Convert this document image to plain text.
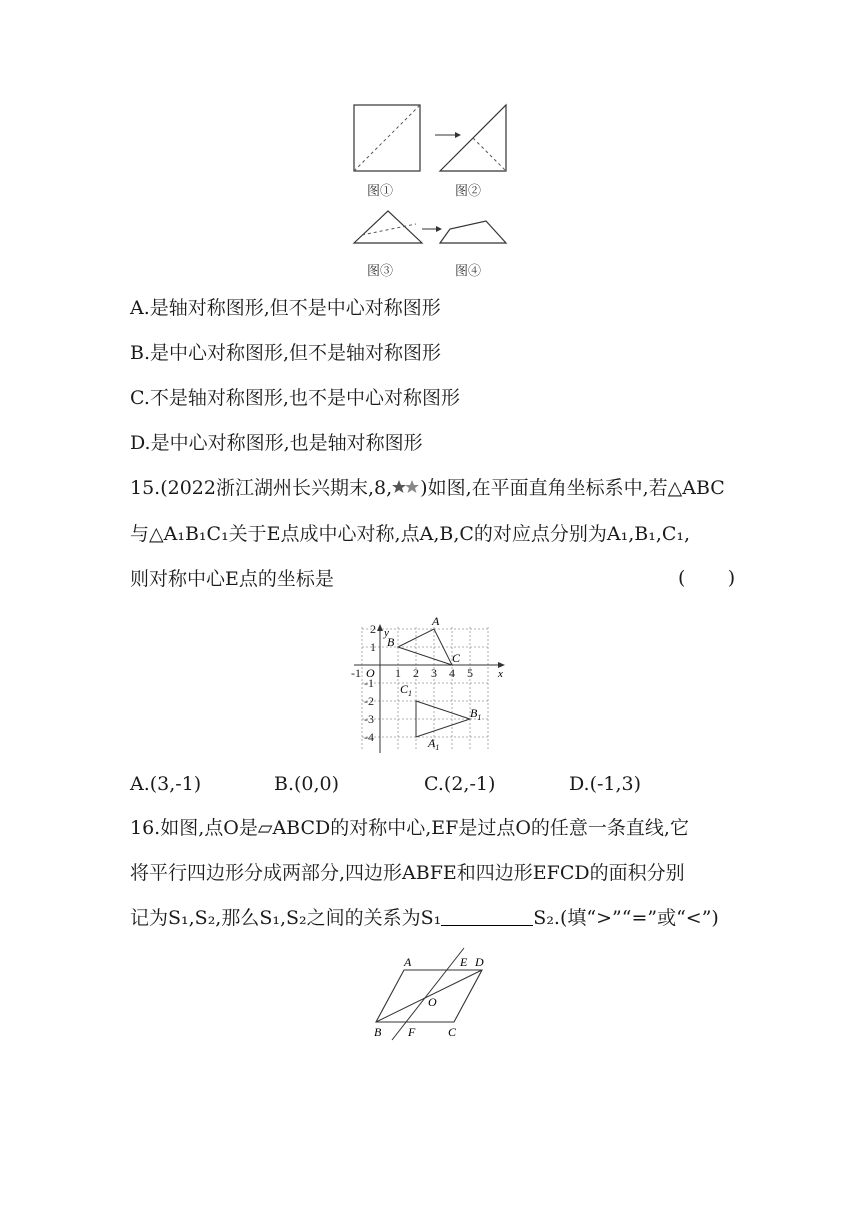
图①	图②
图③	图④
A.是轴对称图形,但不是中心对称图形
B.是中心对称图形,但不是轴对称图形
C.不是轴对称图形,也不是中心对称图形
D.是中心对称图形,也是轴对称图形
15.(2022浙江湖州长兴期末,8, )如图,在平面直角坐标系中,若△ABC
与△A₁B₁C₁关于E点成中心对称,点A,B,C的对应点分别为A₁,B₁,C₁,
则对称中心E点的坐标是	(       )
y
x
O
-1	1 2 3 4 5
2
1
-1
-2
-3
-4
A
B
C
$A_1$
$B_1$
$C_1$
A.(3,-1)	B.(0,0)	C.(2,-1)	D.(-1,3)
16.如图,点O是▱ABCD的对称中心,EF是过点O的任意一条直线,它
将平行四边形分成两部分,四边形ABFE和四边形EFCD的面积分别
记为S₁,S₂,那么S₁,S₂之间的关系为S₁	S₂.(填“>”“=”或“<”)
A	E D
O
B F	C
